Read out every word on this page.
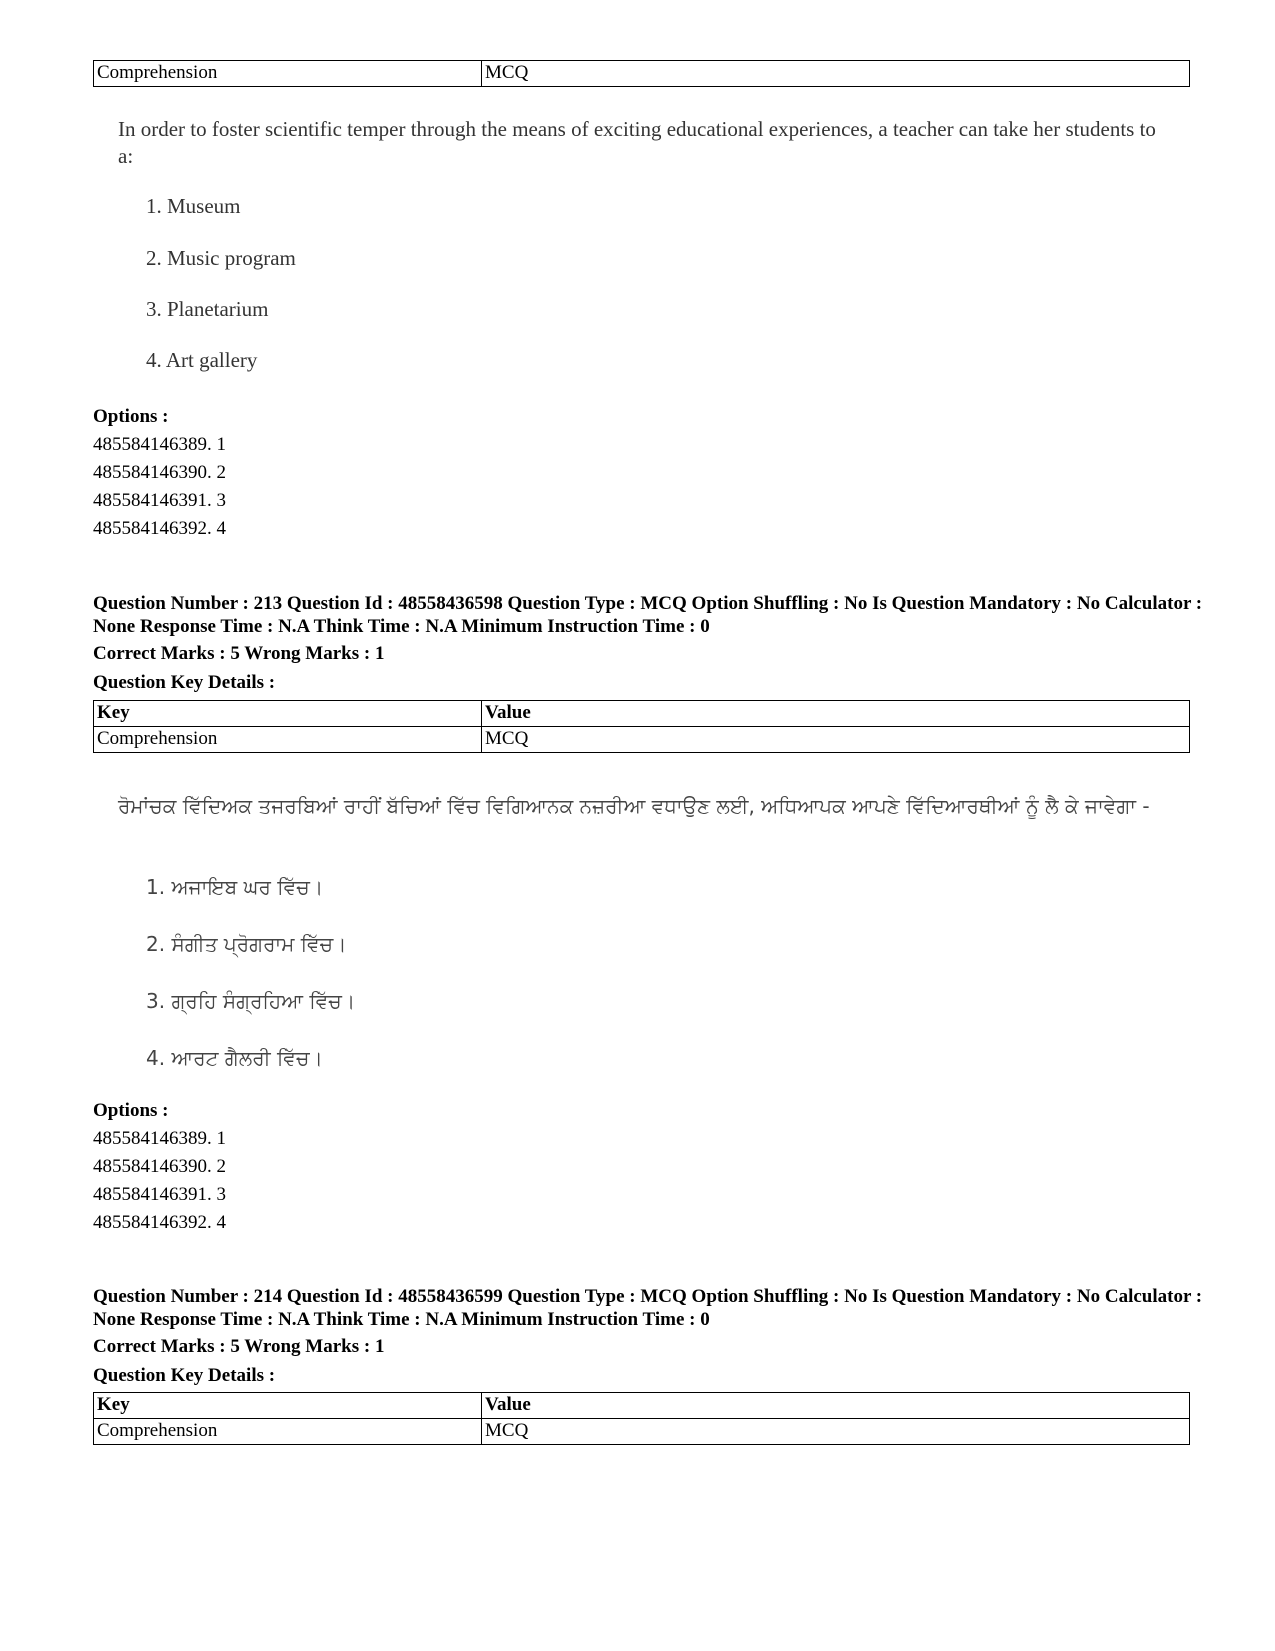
Comprehension	MCQ
In order to foster scientific temper through the means of exciting educational experiences, a teacher can take her students to a:
1. Museum
2. Music program
3. Planetarium
4. Art gallery
Options :
485584146389. 1
485584146390. 2
485584146391. 3
485584146392. 4
Question Number : 213 Question Id : 48558436598 Question Type : MCQ Option Shuffling : No Is Question Mandatory : No Calculator : None Response Time : N.A Think Time : N.A Minimum Instruction Time : 0
Correct Marks : 5 Wrong Marks : 1
Question Key Details :
Key	Value
Comprehension	MCQ
ਰੋਮਾਂਚਕ ਵਿੱਦਿਅਕ ਤਜਰਬਿਆਂ ਰਾਹੀਂ ਬੱਚਿਆਂ ਵਿੱਚ ਵਿਗਿਆਨਕ ਨਜ਼ਰੀਆ ਵਧਾਉਣ ਲਈ, ਅਧਿਆਪਕ ਆਪਣੇ ਵਿੱਦਿਆਰਥੀਆਂ ਨੂੰ ਲੈ ਕੇ ਜਾਵੇਗਾ -
1. ਅਜਾਇਬ ਘਰ ਵਿੱਚ।
2. ਸੰਗੀਤ ਪ੍ਰੋਗਰਾਮ ਵਿੱਚ।
3. ਗ੍ਰਹਿ ਸੰਗ੍ਰਹਿਆ ਵਿੱਚ।
4. ਆਰਟ ਗੈਲਰੀ ਵਿੱਚ।
Options :
485584146389. 1
485584146390. 2
485584146391. 3
485584146392. 4
Question Number : 214 Question Id : 48558436599 Question Type : MCQ Option Shuffling : No Is Question Mandatory : No Calculator : None Response Time : N.A Think Time : N.A Minimum Instruction Time : 0
Correct Marks : 5 Wrong Marks : 1
Question Key Details :
Key	Value
Comprehension	MCQ
